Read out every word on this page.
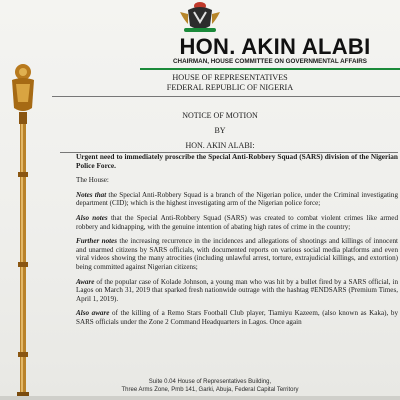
HON. AKIN ALABI
CHAIRMAN, HOUSE COMMITTEE ON GOVERNMENTAL AFFAIRS
HOUSE OF REPRESENTATIVES
FEDERAL REPUBLIC OF NIGERIA
NOTICE OF MOTION
BY
HON. AKIN ALABI:

Urgent need to immediately proscribe the Special Anti-Robbery Squad (SARS) division of the Nigerian Police Force.

The House:

Notes that the Special Anti-Robbery Squad is a branch of the Nigerian police, under the Criminal investigating department (CID); which is the highest investigating arm of the Nigerian police force;

Also notes that the Special Anti-Robbery Squad (SARS) was created to combat violent crimes like armed robbery and kidnapping, with the genuine intention of abating high rates of crime in the country;

Further notes the increasing recurrence in the incidences and allegations of shootings and killings of innocent and unarmed citizens by SARS officials, with documented reports on various social media platforms and even viral videos showing the many atrocities (including unlawful arrest, torture, extrajudicial killings, and extortion) being committed against Nigerian citizens;

Aware of the popular case of Kolade Johnson, a young man who was hit by a bullet fired by a SARS official, in Lagos on March 31, 2019 that sparked fresh nationwide outrage with the hashtag #ENDSARS (Premium Times, April 1, 2019).

Also aware of the killing of a Remo Stars Football Club player, Tiamiyu Kazeem, (also known as Kaka), by SARS officials under the Zone 2 Command Headquarters in Lagos. Once again

Suite 0.04 House of Representatives Building,
Three Arms Zone, Pmb 141, Garki, Abuja, Federal Capital Territory
